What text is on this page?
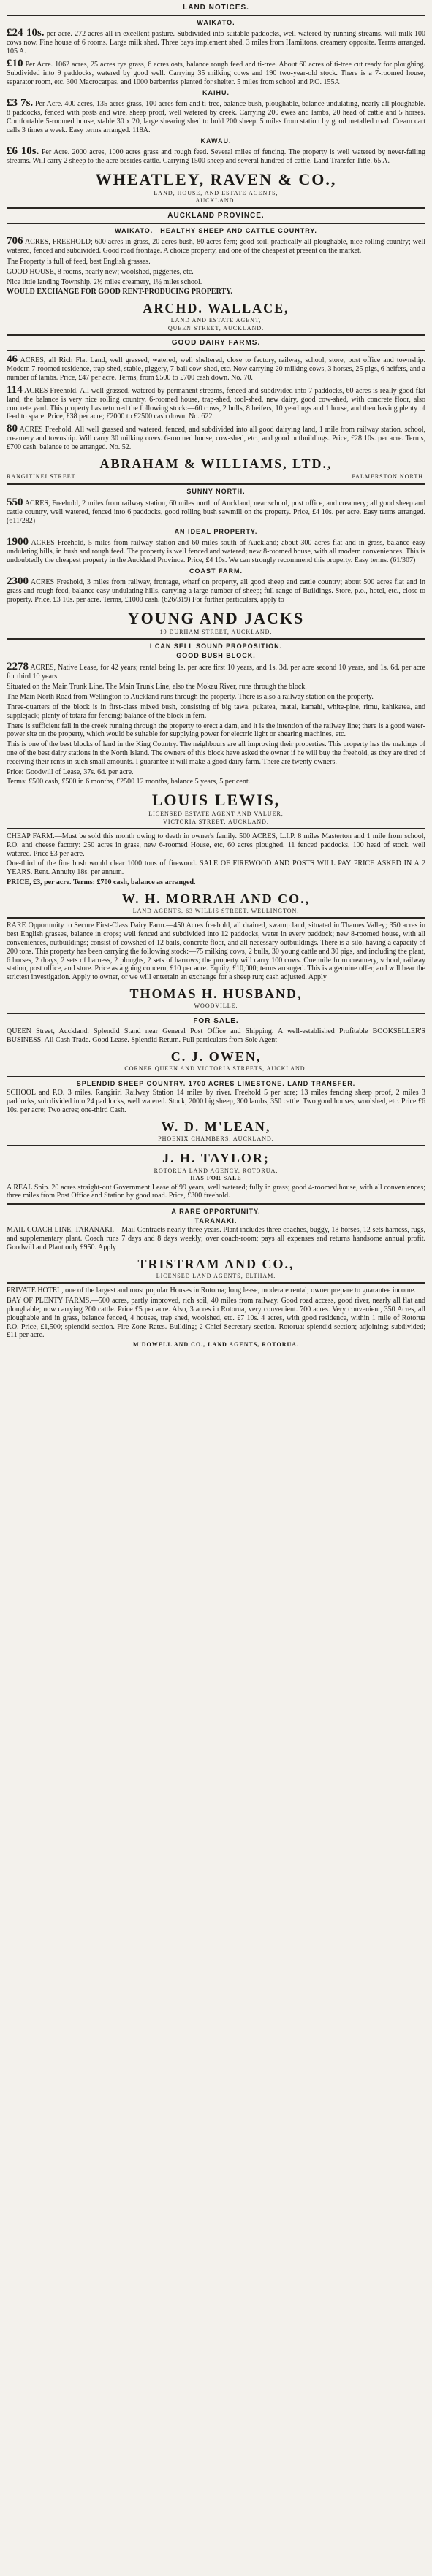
LAND NOTICES.
WAIKATO.
£24 10s. per acre. 272 acres all in excellent pasture. Subdivided into suitable paddocks, well watered by running streams, will milk 100 cows now. Fine house of 6 rooms. Large milk shed. Three bays implement shed. 3 miles from Hamiltons, creamery opposite. Terms arranged. 105 A.
£10 Per Acre. 1062 acres, 25 acres rye grass, 6 acres oats, balance rough feed and ti-tree. About 60 acres of ti-tree cut ready for ploughing. Subdivided into 9 paddocks, watered by good well. Carrying 35 milking cows and 190 two-year-old stock. There is a 7-roomed house, separator room, etc. 300 Macrocarpas, and 1000 berberries planted for shelter. 5 miles from school and P.O. 155A
KAIHU.
£3 7s. Per Acre. 400 acres, 135 acres grass, 100 acres fern and ti-tree, balance bush, ploughable, balance undulating, nearly all ploughable. 8 paddocks, fenced with posts and wire, sheep proof, well watered by creek. Carrying 200 ewes and lambs, 20 head of cattle and 5 horses. Comfortable 5-roomed house, stable 30 x 20, large shearing shed to hold 200 sheep. 5 miles from station by good metalled road. Cream cart calls 3 times a week. Easy terms arranged. 118A.
KAWAU.
£6 10s. Per Acre. 2000 acres, 1000 acres grass and rough feed. Several miles of fencing. The property is well watered by never-failing streams. Will carry 2 sheep to the acre besides cattle. Carrying 1500 sheep and several hundred of cattle. Land Transfer Title. 65 A.
WHEATLEY, RAVEN & CO.,
LAND, HOUSE, AND ESTATE AGENTS,
AUCKLAND.
AUCKLAND PROVINCE.
WAIKATO.—HEALTHY SHEEP AND CATTLE COUNTRY.
706 ACRES, FREEHOLD; 600 acres in grass, 20 acres bush, 80 acres fern; good soil, practically all ploughable, nice rolling country; well watered, fenced and subdivided. Good road frontage. A choice property, and one of the cheapest at present on the market.

The Property is full of feed, best English grasses.

GOOD HOUSE, 8 rooms, nearly new; woolshed, piggeries, etc.

Nice little landing Township, 2½ miles creamery, 1½ miles school.

WOULD EXCHANGE FOR GOOD RENT-PRODUCING PROPERTY.

ARCHD. WALLACE,
LAND AND ESTATE AGENT,
QUEEN STREET, AUCKLAND.
GOOD DAIRY FARMS.
46 ACRES, all Rich Flat Land, well grassed, watered, well sheltered, close to factory, railway, school, store, post office and township. Modern 7-roomed residence, trap-shed, stable, piggery, 7-bail cow-shed, etc. Now carrying 20 milking cows, 3 horses, 25 pigs, 6 heifers, and a number of lambs. Price, £47 per acre. Terms, from £500 to £700 cash down. No. 70.
114 ACRES Freehold. All well grassed, watered by permanent streams, fenced and subdivided into 7 paddocks, 60 acres is really good flat land, the balance is very nice rolling country. 6-roomed house, trap-shed, tool-shed, new dairy, good cow-shed, with concrete floor, also concrete yard. This property has returned the following stock:—60 cows, 2 bulls, 8 heifers, 10 yearlings and 1 horse, and then having plenty of feed to spare. Price, £38 per acre; £2000 to £2500 cash down. No. 622.
80 ACRES Freehold. All well grassed and watered, fenced, and subdivided into all good dairying land, 1 mile from railway station, school, creamery and township. Will carry 30 milking cows. 6-roomed house, cow-shed, etc., and good outbuildings. Price, £28 10s. per acre. Terms, £700 cash. balance to be arranged. No. 52.
ABRAHAM & WILLIAMS, LTD.,
RANGITIKEI STREET.	PALMERSTON NORTH.
SUNNY NORTH.
550 ACRES, Freehold, 2 miles from railway station, 60 miles north of Auckland, near school, post office, and creamery; all good sheep and cattle country, well watered, fenced into 6 paddocks, good rolling bush sawmill on the property. Price, £4 10s. per acre. Easy terms arranged. (611/282)
AN IDEAL PROPERTY.
1900 ACRES Freehold, 5 miles from railway station and 60 miles south of Auckland; about 300 acres flat and in grass, balance easy undulating hills, in bush and rough feed. The property is well fenced and watered; new 8-roomed house, with all modern conveniences. This is undoubtedly the cheapest property in the Auckland Province. Price, £4 10s. We can strongly recommend this property. Easy terms. (61/307)
COAST FARM.
2300 ACRES Freehold, 3 miles from railway, frontage, wharf on property, all good sheep and cattle country; about 500 acres flat and in grass and rough feed, balance easy undulating hills, carrying a large number of sheep; full range of Buildings. Store, p.o., hotel, etc., close to property. Price, £3 10s. per acre. Terms, £1000 cash. (626/319) For further particulars, apply to
YOUNG AND JACKS
19 DURHAM STREET, AUCKLAND.
I CAN SELL SOUND PROPOSITION.
GOOD BUSH BLOCK.
2278 ACRES, Native Lease, for 42 years; rental being 1s. per acre first 10 years, and 1s. 3d. per acre second 10 years, and 1s. 6d. per acre for third 10 years.

Situated on the Main Trunk Line. The Main Trunk Line, also the Mokau River, runs through the block.

The Main North Road from Wellington to Auckland runs through the property. There is also a railway station on the property.

Three-quarters of the block is in first-class mixed bush, consisting of big tawa, pukatea, matai, kamahi, white-pine, rimu, kahikatea, and supplejack; plenty of totara for fencing; balance of the block in fern.

There is sufficient fall in the creek running through the property to erect a dam, and it is the intention of the railway line; there is a good water-power site on the property, which would be suitable for supplying power for electric light or shearing machines, etc.

This is one of the best blocks of land in the King Country. The neighbours are all improving their properties. This property has the makings of one of the best dairy stations in the North Island. The owners of this block have asked the owner if he will buy the freehold, as they are tired of receiving their rents in such small amounts. I guarantee it will make a good dairy farm. There are twenty owners.

Price: Goodwill of Lease, 37s. 6d. per acre.

Terms: £500 cash, £500 in 6 months, £2500 12 months, balance 5 years, 5 per cent.

LOUIS LEWIS,
LICENSED ESTATE AGENT AND VALUER,
VICTORIA STREET, AUCKLAND.

CHEAP FARM.—Must be sold this month owing to death in owner's family. 500 ACRES, L.I.P. 8 miles Masterton and 1 mile from school, P.O. and cheese factory: 250 acres in grass, new 6-roomed House, etc, 60 acres ploughed, 11 fenced paddocks, 100 head of stock, well watered. Price £3 per acre.

One-third of the fine bush would clear 1000 tons of firewood. SALE OF FIREWOOD AND POSTS WILL PAY PRICE ASKED IN A 2 YEARS. Rent. Annuity 18s. per annum.

PRICE, £3, per acre. Terms: £700 cash, balance as arranged.

W. H. MORRAH AND CO.,
LAND AGENTS, 63 WILLIS STREET, WELLINGTON.

RARE Opportunity to Secure First-Class Dairy Farm.—450 Acres freehold, all drained, swamp land, situated in Thames Valley; 350 acres in best English grasses, balance in crops; well fenced and subdivided into 12 paddocks, water in every paddock; new 8-roomed house, with all conveniences, outbuildings; consist of cowshed of 12 bails, concrete floor, and all necessary outbuildings. There is a silo, having a capacity of 200 tons. This property has been carrying the following stock:—75 milking cows, 2 bulls, 30 young cattle and 30 pigs, and including the plant, 6 horses, 2 drays, 2 sets of harness, 2 ploughs, 2 sets of harrows; the property will carry 100 cows. One mile from creamery, school, railway station, post office, and store. Price as a going concern, £10 per acre. Equity, £10,000; terms arranged. This is a genuine offer, and will bear the strictest investigation. Apply to owner, or we will entertain an exchange for a sheep run; cash adjusted. Apply

THOMAS H. HUSBAND,
WOODVILLE.
FOR SALE.

QUEEN Street, Auckland. Splendid Stand near General Post Office and Shipping. A well-established Profitable BOOKSELLER'S BUSINESS. All Cash Trade. Good Lease. Splendid Return. Full particulars from Sole Agent—

C. J. OWEN,
CORNER QUEEN AND VICTORIA STREETS, AUCKLAND.
SPLENDID SHEEP COUNTRY. 1700 ACRES LIMESTONE. LAND TRANSFER.

SCHOOL and P.O. 3 miles. Rangiriri Railway Station 14 miles by river. Freehold 5 per acre; 13 miles fencing sheep proof, 2 miles 3 paddocks, sub divided into 24 paddocks, well watered. Stock, 2000 big sheep, 300 lambs, 350 cattle. Two good houses, woolshed, etc. Price £6 10s. per acre; Two acres; one-third Cash.

W. D. M'LEAN,
PHOENIX CHAMBERS, AUCKLAND.
J. H. TAYLOR;
ROTORUA LAND AGENCY, ROTORUA,
HAS FOR SALE

A REAL Snip. 20 acres straight-out Government Lease of 99 years, well watered; fully in grass; good 4-roomed house, with all conveniences; three miles from Post Office and Station by good road. Price, £300 freehold.

A RARE OPPORTUNITY.
TARANAKI.

MAIL COACH LINE, TARANAKI.—Mail Contracts nearly three years. Plant includes three coaches, buggy, 18 horses, 12 sets harness, rugs, and supplementary plant. Coach runs 7 days and 8 days weekly; over coach-room; pays all expenses and returns handsome annual profit. Goodwill and Plant only £950. Apply

TRISTRAM AND CO.,
LICENSED LAND AGENTS, ELTHAM.

PRIVATE HOTEL, one of the largest and most popular Houses in Rotorua; long lease, moderate rental; owner prepare to guarantee income.

BAY OF PLENTY FARMS.—500 acres, partly improved, rich soil, 40 miles from railway. Good road access, good river, nearly all flat and ploughable; now carrying 200 cattle. Price £5 per acre. Also, 3 acres in Rotorua, very convenient. 700 acres. Very convenient, 350 Acres, all ploughable and in grass, balance fenced, 4 houses, trap shed, woolshed, etc. £7 10s. 4 acres, with good residence, within 1 mile of Rotorua P.O. Price, £1,500; splendid section. Fire Zone Rates. Building; 2 Chief Secretary section. Rotorua: splendid section; adjoining; subdivided; £11 per acre.

M'DOWELL AND CO., LAND AGENTS, ROTORUA.
